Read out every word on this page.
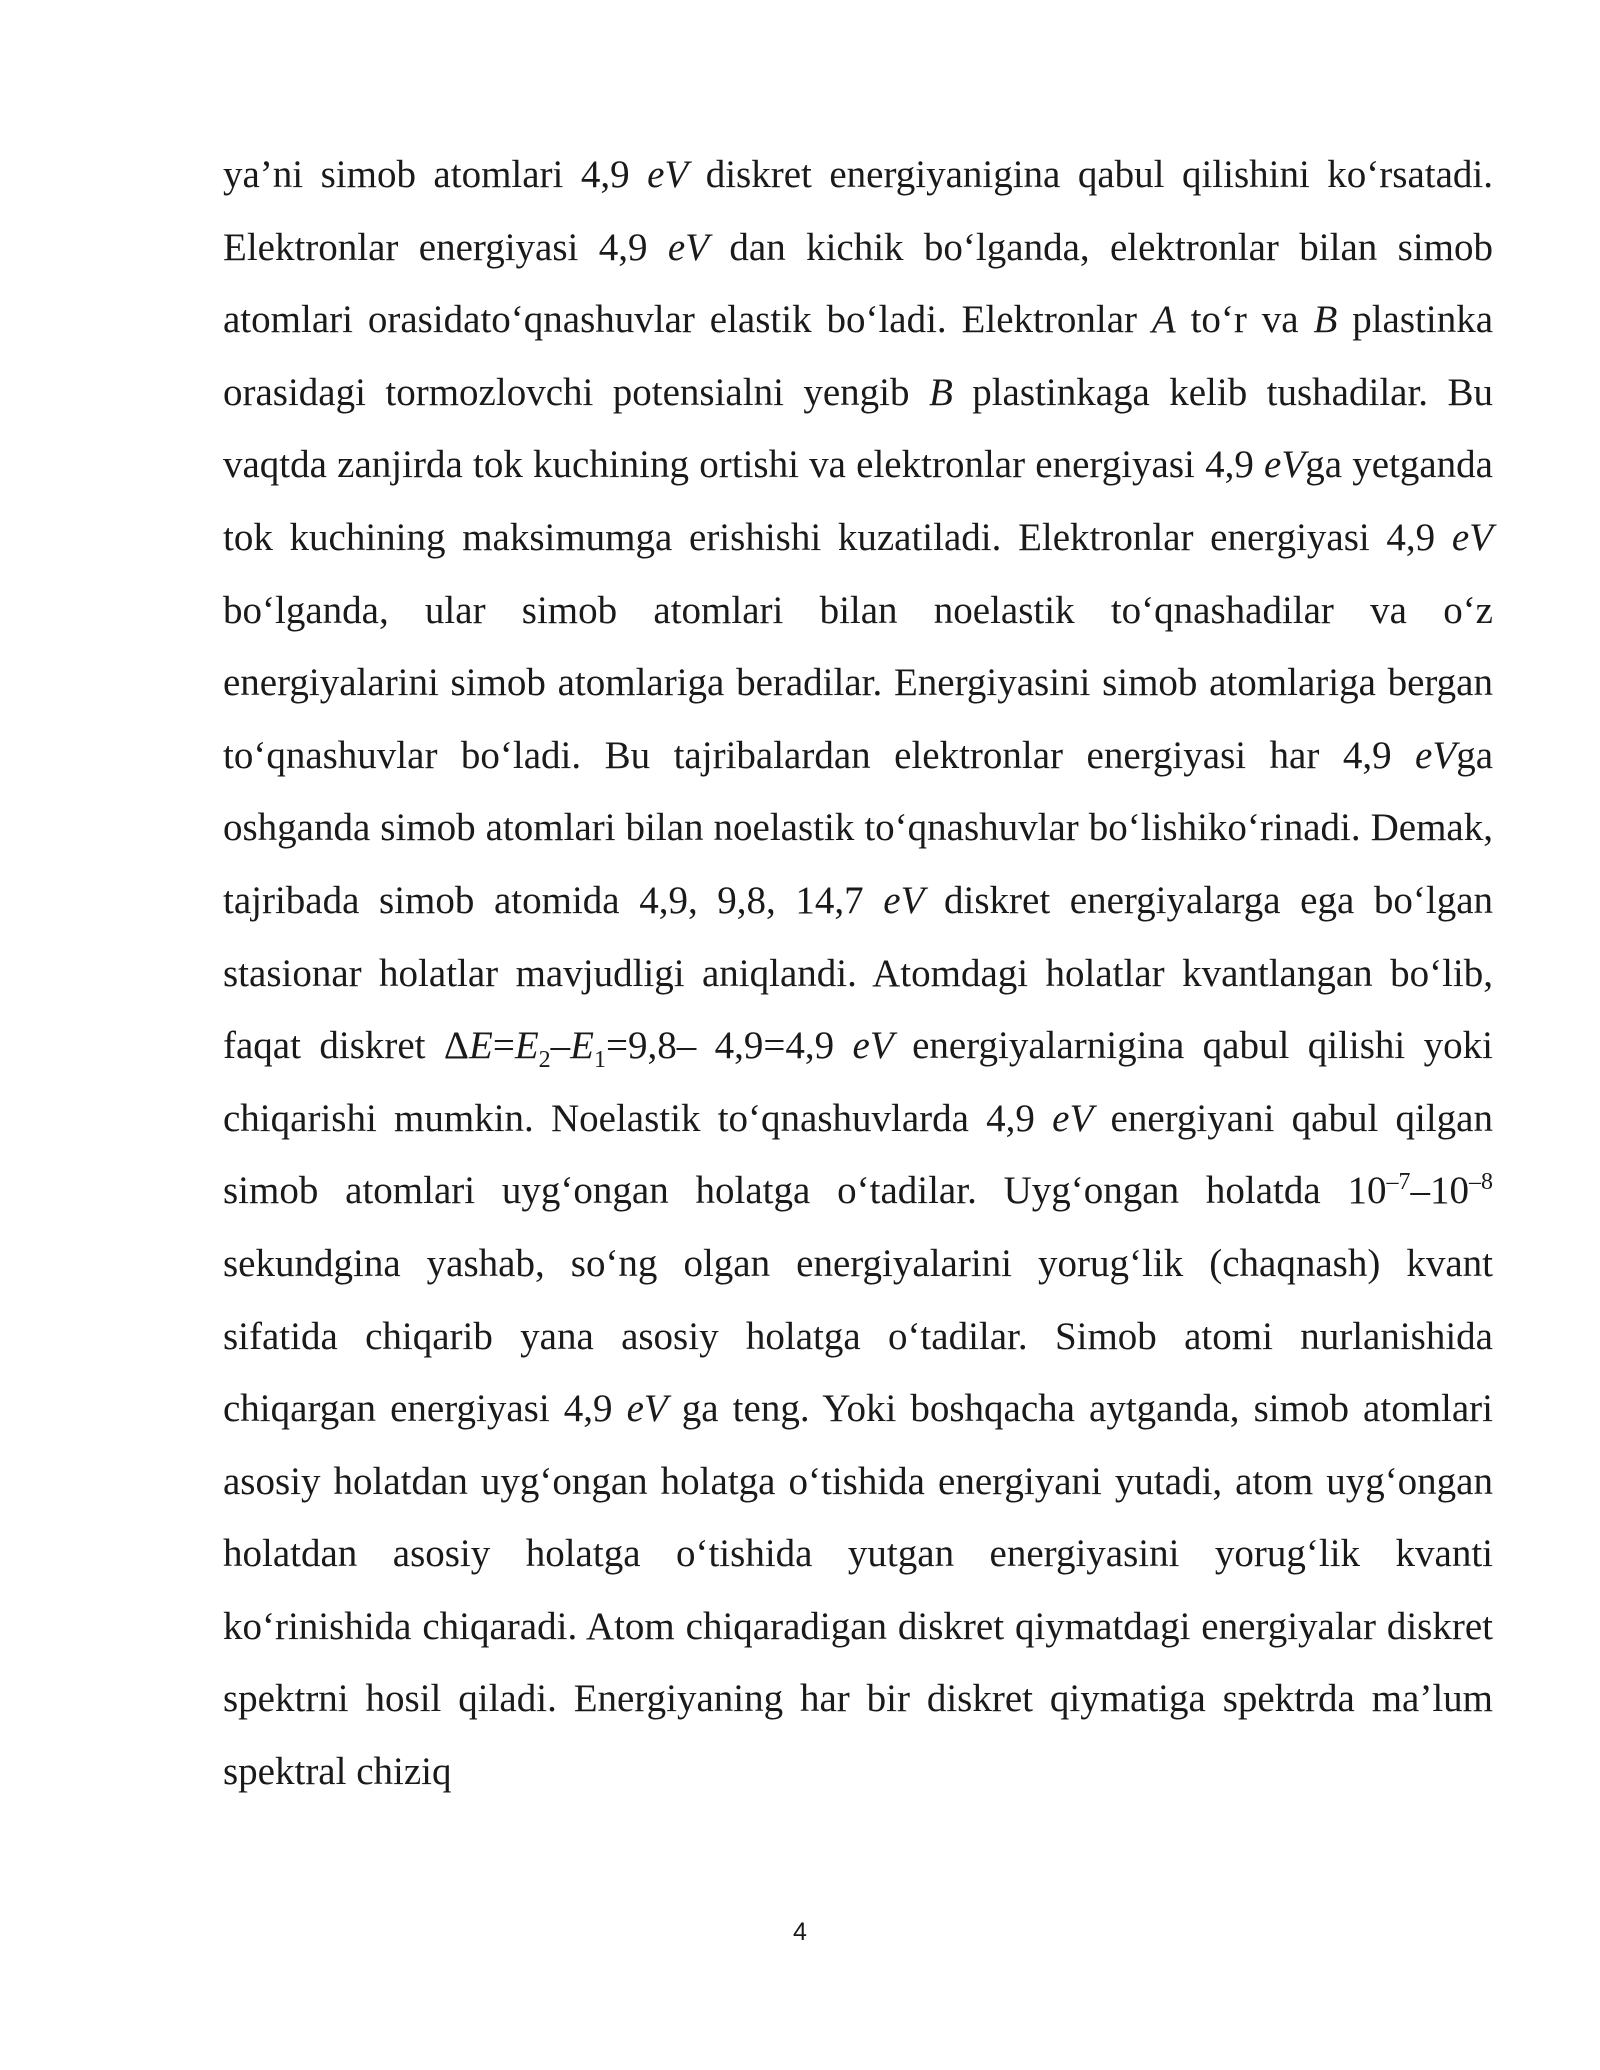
ya’ni simob atomlari 4,9 eV diskret energiyanigina qabul qilishini ko‘rsatadi. Elektronlar energiyasi 4,9 eV dan kichik bo‘lganda, elektronlar bilan simob atomlari orasidato‘qnashuvlar elastik bo‘ladi. Elektronlar A to‘r va B plastinka orasidagi tormozlovchi potensialni yengib B plastinkaga kelib tushadilar. Bu vaqtda zanjirda tok kuchining ortishi va elektronlar energiyasi 4,9 eVga yetganda tok kuchining maksimumga erishishi kuzatiladi. Elektronlar energiyasi 4,9 eV bo‘lganda, ular simob atomlari bilan noelastik to‘qnashadilar va o‘z energiyalarini simob atomlariga beradilar. Energiyasini simob atomlariga bergan to‘qnashuvlar bo‘ladi. Bu tajribalardan elektronlar energiyasi har 4,9 eVga oshganda simob atomlari bilan noelastik to‘qnashuvlar bo‘lishiko‘rinadi. Demak, tajribada simob atomida 4,9, 9,8, 14,7 eV diskret energiyalarga ega bo‘lgan stasionar holatlar mavjudligi aniqlandi. Atomdagi holatlar kvantlangan bo‘lib, faqat diskret $\Delta E=E_2-E_1=9,8-$ 4,9=4,9 eV energiyalarnigina qabul qilishi yoki chiqarishi mumkin. Noelastik to‘qnashuvlarda 4,9 eV energiyani qabul qilgan simob atomlari uyg‘ongan holatga o‘tadilar. Uyg‘ongan holatda $10^{-7}-10^{-8}$ sekundgina yashab, so‘ng olgan energiyalarini yorug‘lik (chaqnash) kvant sifatida chiqarib yana asosiy holatga o‘tadilar. Simob atomi nurlanishida chiqargan energiyasi 4,9 eV ga teng. Yoki boshqacha aytganda, simob atomlari asosiy holatdan uyg‘ongan holatga o‘tishida energiyani yutadi, atom uyg‘ongan holatdan asosiy holatga o‘tishida yutgan energiyasini yorug‘lik kvanti ko‘rinishida chiqaradi. Atom chiqaradigan diskret qiymatdagi energiyalar diskret spektrni hosil qiladi. Energiyaning har bir diskret qiymatiga spektrda ma’lum spektral chiziq

4
